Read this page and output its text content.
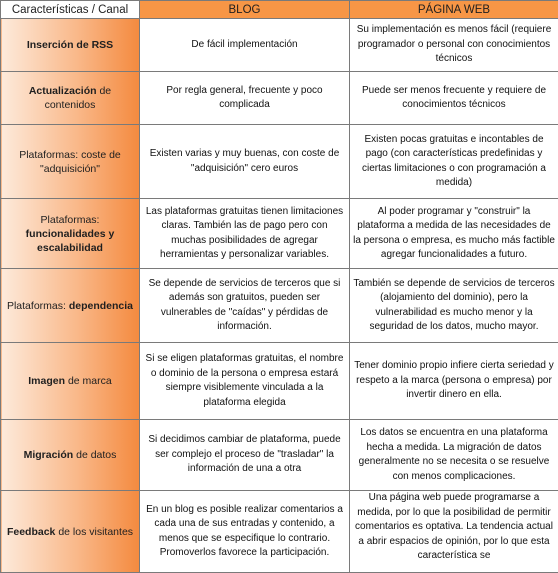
Características / Canal	BLOG	PÁGINA WEB
Inserción de RSS	De fácil implementación	Su implementación es menos fácil (requiere programador o personal con conocimientos técnicos
Actualización de contenidos	Por regla general, frecuente y poco complicada	Puede ser menos frecuente y requiere de conocimientos técnicos
Plataformas: coste de "adquisición"	Existen varias y muy buenas, con coste de "adquisición" cero euros	Existen pocas gratuitas e incontables de pago (con características predefinidas y ciertas limitaciones o con programación a medida)
Plataformas: funcionalidades y escalabilidad	Las plataformas gratuitas tienen limitaciones claras. También las de pago pero con muchas posibilidades de agregar herramientas y personalizar variables.	Al poder programar y "construir" la plataforma a medida de las necesidades de la persona o empresa, es mucho más factible agregar funcionalidades a futuro.
Plataformas: dependencia	Se depende de servicios de terceros que si además son gratuitos, pueden ser vulnerables de "caídas" y pérdidas de información.	También se depende de servicios de terceros (alojamiento del dominio), pero la vulnerabilidad es mucho menor y la seguridad de los datos, mucho mayor.
Imagen de marca	Si se eligen plataformas gratuitas, el nombre o dominio de la persona o empresa estará siempre visiblemente vinculada a la plataforma elegida	Tener dominio propio infiere cierta seriedad y respeto a la marca (persona o empresa) por invertir dinero en ella.
Migración de datos	Si decidimos cambiar de plataforma, puede ser complejo el proceso de "trasladar" la información de una a otra	Los datos se encuentra en una plataforma hecha a medida. La migración de datos generalmente no se necesita o se resuelve con menos complicaciones.
Feedback de los visitantes	En un blog es posible realizar comentarios a cada una de sus entradas y contenido, a menos que se especifique lo contrario. Promoverlos favorece la participación.	Una página web puede programarse a medida, por lo que la posibilidad de permitir comentarios es optativa. La tendencia actual a abrir espacios de opinión, por lo que esta característica se
